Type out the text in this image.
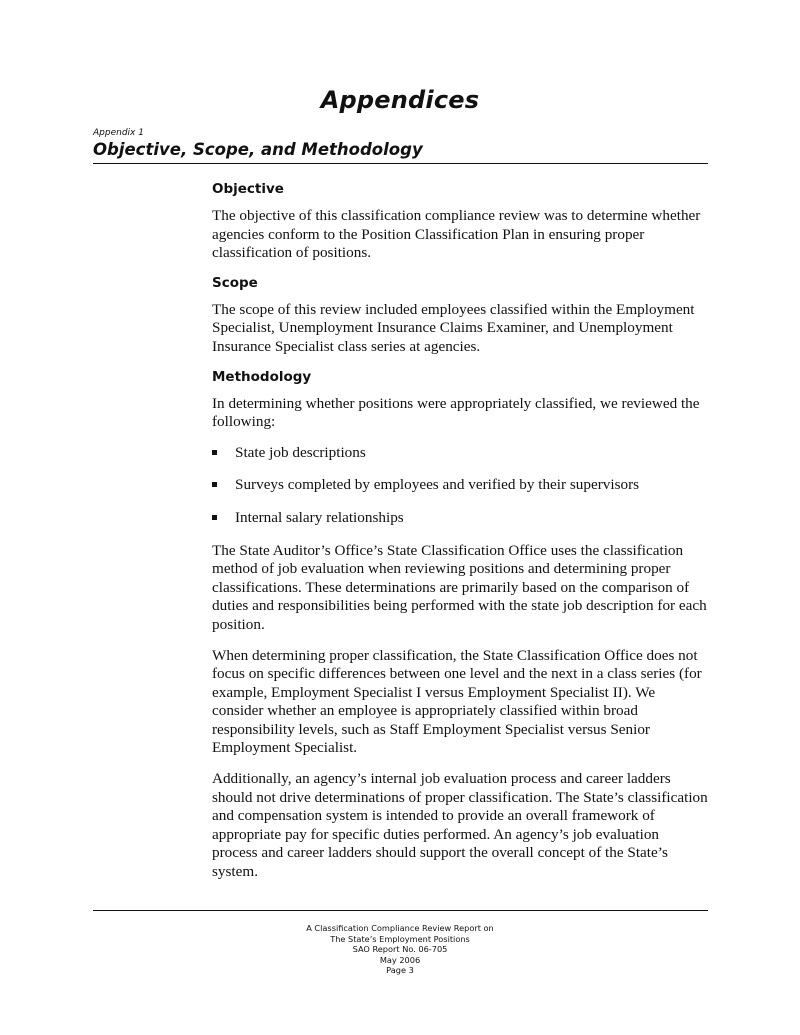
Appendices
Appendix 1
Objective, Scope, and Methodology
Objective

The objective of this classification compliance review was to determine whether agencies conform to the Position Classification Plan in ensuring proper classification of positions.

Scope

The scope of this review included employees classified within the Employment Specialist, Unemployment Insurance Claims Examiner, and Unemployment Insurance Specialist class series at agencies.

Methodology

In determining whether positions were appropriately classified, we reviewed the following:

State job descriptions
Surveys completed by employees and verified by their supervisors
Internal salary relationships

The State Auditor’s Office’s State Classification Office uses the classification method of job evaluation when reviewing positions and determining proper classifications. These determinations are primarily based on the comparison of duties and responsibilities being performed with the state job description for each position.

When determining proper classification, the State Classification Office does not focus on specific differences between one level and the next in a class series (for example, Employment Specialist I versus Employment Specialist II). We consider whether an employee is appropriately classified within broad responsibility levels, such as Staff Employment Specialist versus Senior Employment Specialist.

Additionally, an agency’s internal job evaluation process and career ladders should not drive determinations of proper classification. The State’s classification and compensation system is intended to provide an overall framework of appropriate pay for specific duties performed. An agency’s job evaluation process and career ladders should support the overall concept of the State’s system.

A Classification Compliance Review Report on
The State’s Employment Positions
SAO Report No. 06-705
May 2006
Page 3
